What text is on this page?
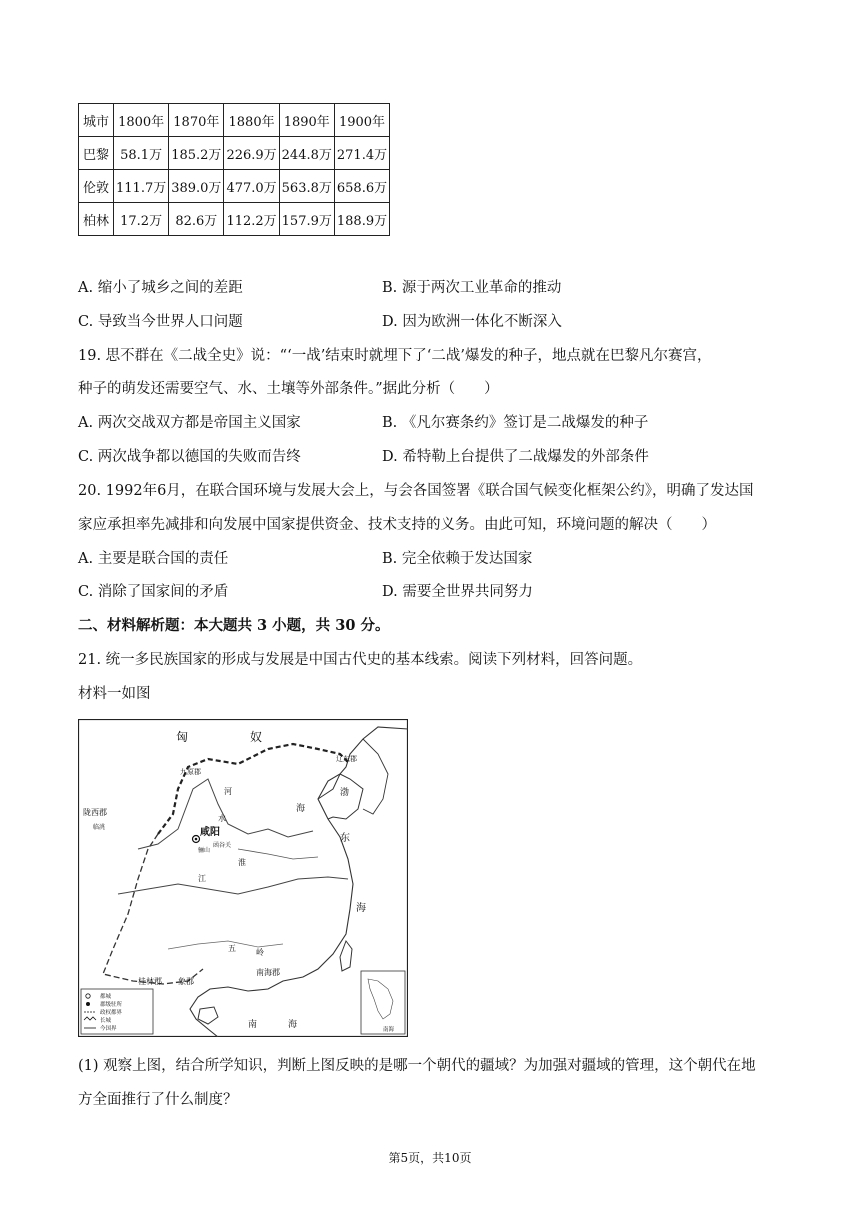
城市	1800年	1870年	1880年	1890年	1900年
巴黎	58.1万	185.2万	226.9万	244.8万	271.4万
伦敦	111.7万	389.0万	477.0万	563.8万	658.6万
柏林	17.2万	82.6万	112.2万	157.9万	188.9万
A. 缩小了城乡之间的差距	B. 源于两次工业革命的推动
C. 导致当今世界人口问题	D. 因为欧洲一体化不断深入
19. 思不群在《二战全史》说：“‘一战’结束时就埋下了‘二战’爆发的种子，地点就在巴黎凡尔赛宫，
种子的萌发还需要空气、水、土壤等外部条件。”据此分析（　　）
A. 两次交战双方都是帝国主义国家	B. 《凡尔赛条约》签订是二战爆发的种子
C. 两次战争都以德国的失败而告终	D. 希特勒上台提供了二战爆发的外部条件
20. 1992年6月，在联合国环境与发展大会上，与会各国签署《联合国气候变化框架公约》，明确了发达国
家应承担率先减排和向发展中国家提供资金、技术支持的义务。由此可知，环境问题的解决（　　）
A. 主要是联合国的责任	B. 完全依赖于发达国家
C. 消除了国家间的矛盾	D. 需要全世界共同努力
二、材料解析题：本大题共 3 小题，共 30 分。
21. 统一多民族国家的形成与发展是中国古代史的基本线索。阅读下列材料，回答问题。
材料一如图
匈	奴
九原郡
辽东郡
陇西郡
临洮	咸阳
骊山
函谷关
渤
海
东
海
河
水
淮
江
五	岭
桂林郡
南海郡
象郡
南	海
都城
郡级驻所
政权都界
长城
今国界	南海
(1) 观察上图，结合所学知识，判断上图反映的是哪一个朝代的疆域？为加强对疆域的管理，这个朝代在地
方全面推行了什么制度？
第5页，共10页
